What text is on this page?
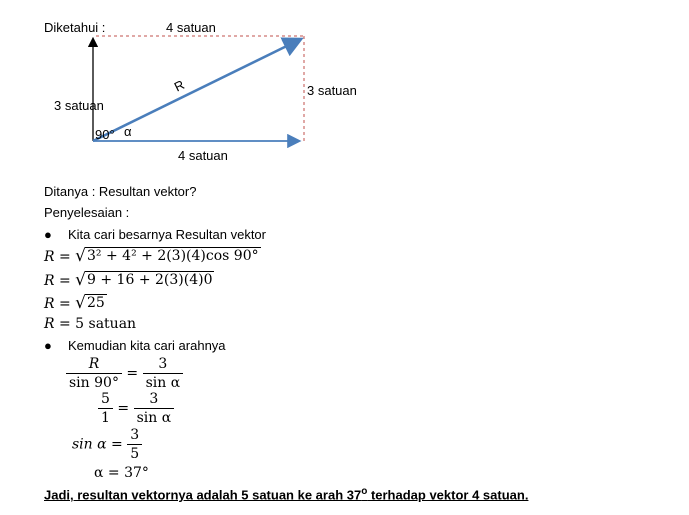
Diketahui :	4 satuan
R
3 satuan
3 satuan
90° α
4 satuan
Ditanya : Resultan vektor?
Penyelesaian :
● Kita cari besarnya Resultan vektor
R = √ 3² + 4² + 2(3)(4)cos 90°
R = √ 9 + 16 + 2(3)(4)0
R = √ 25
R = 5 satuan
● Kemudian kita cari arahnya
$\frac{R}{\sin 90^\circ} = \frac{3}{\text{sin α}}$
$\frac{5}{1} = \frac{3}{\text{sin α}}$
$\sin \alpha = \frac{3}{5}$
α = 37°
Jadi, resultan vektornya adalah 5 satuan ke arah 37$^o$ terhadap vektor 4 satuan.
